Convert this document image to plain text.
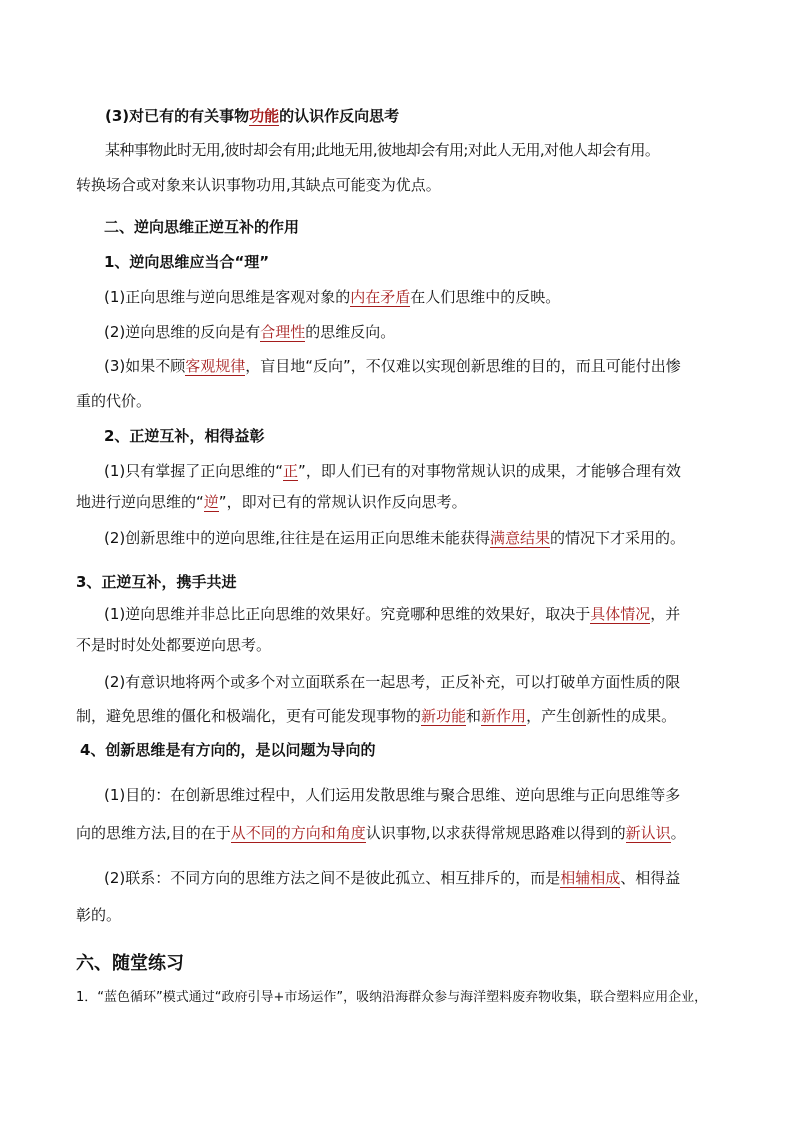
(3)对已有的有关事物功能的认识作反向思考
某种事物此时无用,彼时却会有用;此地无用,彼地却会有用;对此人无用,对他人却会有用。
转换场合或对象来认识事物功用,其缺点可能变为优点。
二、逆向思维正逆互补的作用
1、逆向思维应当合“理”
(1)正向思维与逆向思维是客观对象的内在矛盾在人们思维中的反映。
(2)逆向思维的反向是有合理性的思维反向。
(3)如果不顾客观规律，盲目地“反向”，不仅难以实现创新思维的目的，而且可能付出惨
重的代价。
2、正逆互补，相得益彰
(1)只有掌握了正向思维的“正”，即人们已有的对事物常规认识的成果，才能够合理有效
地进行逆向思维的“逆”，即对已有的常规认识作反向思考。
(2)创新思维中的逆向思维,往往是在运用正向思维未能获得满意结果的情况下才采用的。
3、正逆互补，携手共进
(1)逆向思维并非总比正向思维的效果好。究竟哪种思维的效果好，取决于具体情况，并
不是时时处处都要逆向思考。
(2)有意识地将两个或多个对立面联系在一起思考，正反补充，可以打破单方面性质的限
制，避免思维的僵化和极端化，更有可能发现事物的新功能和新作用，产生创新性的成果。
4、创新思维是有方向的，是以问题为导向的
(1)目的：在创新思维过程中，人们运用发散思维与聚合思维、逆向思维与正向思维等多
向的思维方法,目的在于从不同的方向和角度认识事物,以求获得常规思路难以得到的新认识。
(2)联系：不同方向的思维方法之间不是彼此孤立、相互排斥的，而是相辅相成、相得益
彰的。
六、随堂练习
1．“蓝色循环”模式通过“政府引导+市场运作”，吸纳沿海群众参与海洋塑料废弃物收集，联合塑料应用企业，
